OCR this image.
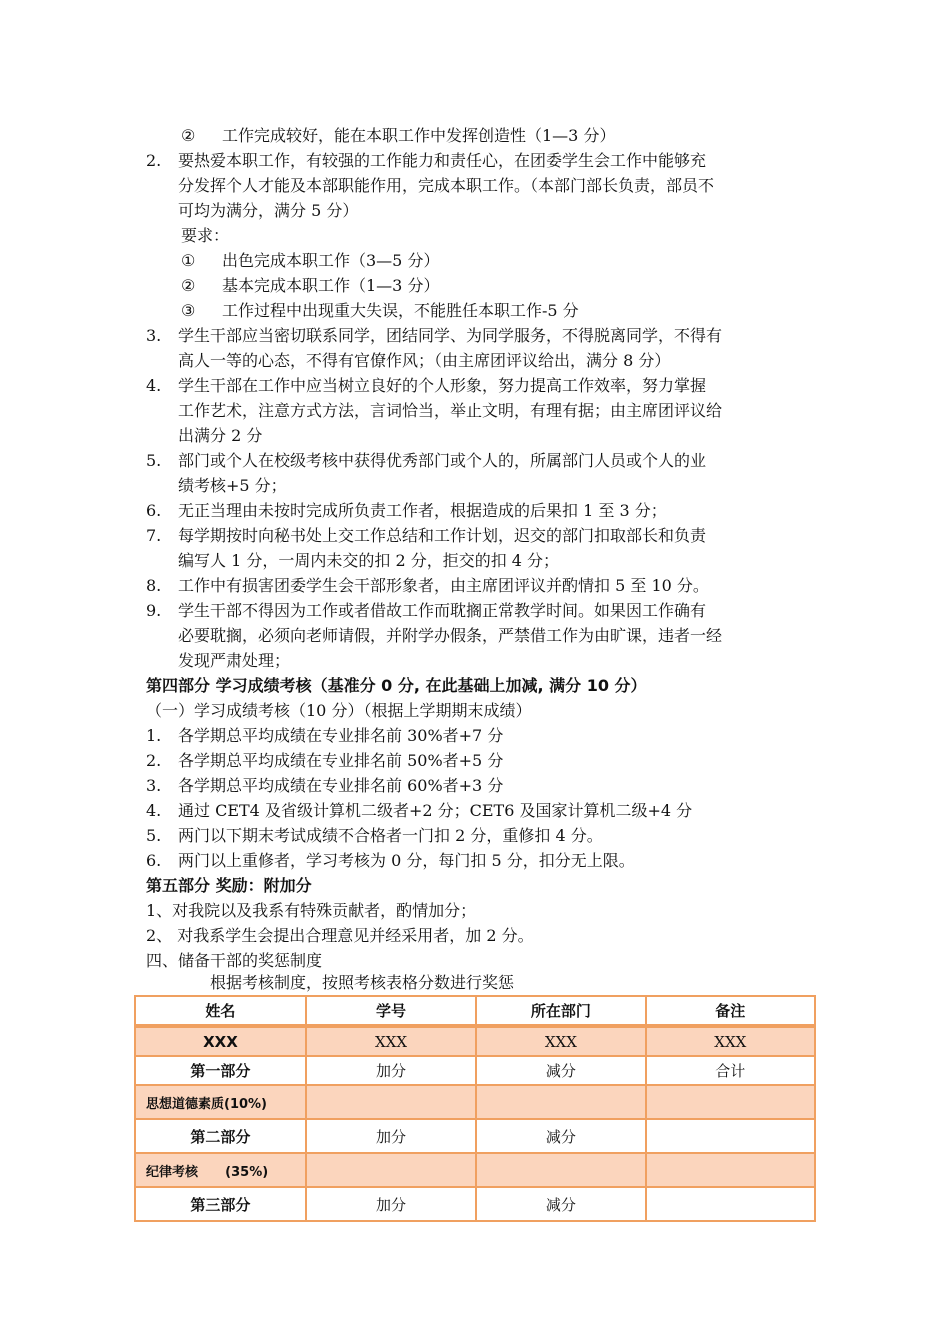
② 工作完成较好，能在本职工作中发挥创造性（1—3 分）
2. 要热爱本职工作，有较强的工作能力和责任心，在团委学生会工作中能够充
分发挥个人才能及本部职能作用，完成本职工作。（本部门部长负责，部员不
可均为满分，满分 5 分）
要求：
① 出色完成本职工作（3—5 分）
② 基本完成本职工作（1—3 分）
③ 工作过程中出现重大失误，不能胜任本职工作-5 分
3. 学生干部应当密切联系同学，团结同学、为同学服务，不得脱离同学，不得有
高人一等的心态，不得有官僚作风；（由主席团评议给出，满分 8 分）
4. 学生干部在工作中应当树立良好的个人形象，努力提高工作效率，努力掌握
工作艺术，注意方式方法，言词恰当，举止文明，有理有据；由主席团评议给
出满分 2 分
5. 部门或个人在校级考核中获得优秀部门或个人的，所属部门人员或个人的业
绩考核+5 分；
6. 无正当理由未按时完成所负责工作者，根据造成的后果扣 1 至 3 分；
7. 每学期按时向秘书处上交工作总结和工作计划，迟交的部门扣取部长和负责
编写人 1 分，一周内未交的扣 2 分，拒交的扣 4 分；
8. 工作中有损害团委学生会干部形象者，由主席团评议并酌情扣 5 至 10 分。
9. 学生干部不得因为工作或者借故工作而耽搁正常教学时间。如果因工作确有
必要耽搁，必须向老师请假，并附学办假条，严禁借工作为由旷课，违者一经
发现严肃处理；
第四部分 学习成绩考核（基准分 0 分, 在此基础上加减, 满分 10 分）
（一）学习成绩考核（10 分）（根据上学期期末成绩）
1. 各学期总平均成绩在专业排名前 30%者+7 分
2. 各学期总平均成绩在专业排名前 50%者+5 分
3. 各学期总平均成绩在专业排名前 60%者+3 分
4. 通过 CET4 及省级计算机二级者+2 分；CET6 及国家计算机二级+4 分
5. 两门以下期末考试成绩不合格者一门扣 2 分，重修扣 4 分。
6. 两门以上重修者，学习考核为 0 分，每门扣 5 分，扣分无上限。
第五部分 奖励：附加分
1、对我院以及我系有特殊贡献者，酌情加分；
2、 对我系学生会提出合理意见并经采用者，加 2 分。
四、储备干部的奖惩制度
根据考核制度，按照考核表格分数进行奖惩
姓名	学号	所在部门	备注
XXX	XXX	XXX	XXX
第一部分	加分	减分	合计
思想道德素质(10%)			
第二部分	加分	减分	
纪律考核      (35%)			
第三部分	加分	减分	
